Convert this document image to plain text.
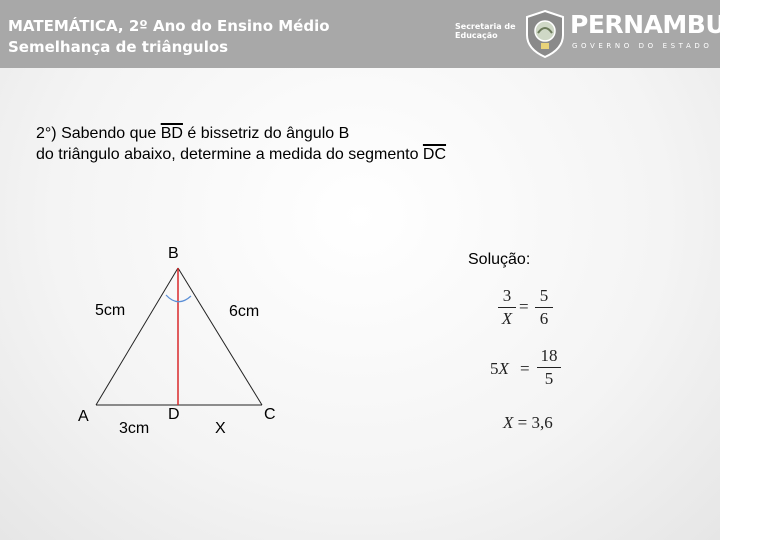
MATEMÁTICA, 2º Ano do Ensino Médio
Semelhança de triângulos
Secretaria de
Educação	PERNAMBUCO
GOVERNO DO ESTADO
2°) Sabendo que $\overline{BD}$ é bissetriz do ângulo B
do triângulo abaixo, determine a medida do segmento $\overline{DC}$
B
5cm	6cm
A
3cm
D
X
C
Solução:
3
X
=
5
6
5X =
18
5
X = 3,6
